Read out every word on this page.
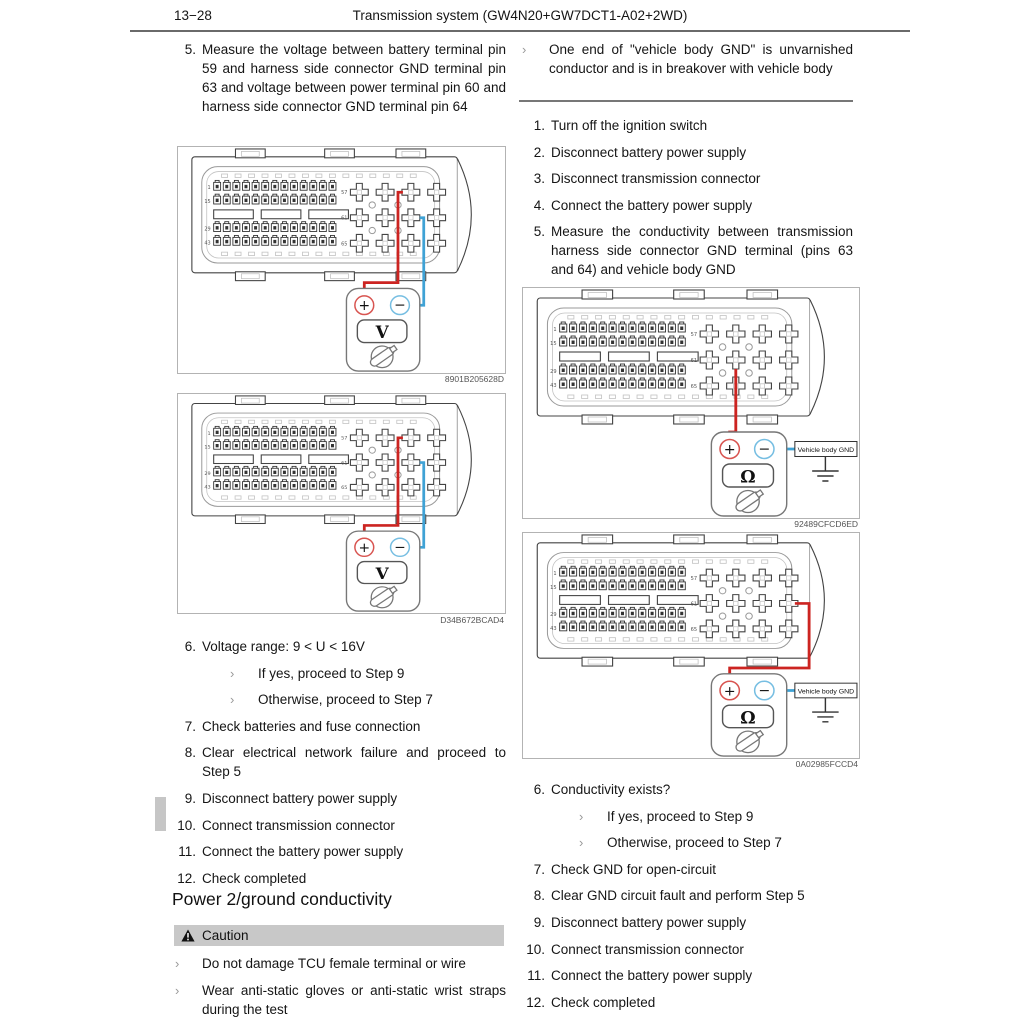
13−28	Transmission system (GW4N20+GW7DCT1-A02+2WD)
5. Measure the voltage between battery terminal pin 59 and harness side connector GND terminal pin 63 and voltage between power terminal pin 60 and harness side connector GND terminal pin 64
1
15
29
43
57
61
65
+ −
V
8901B205628D
1
15
29
43
57
61
65
+ −
V
D34B672BCAD4
6. Voltage range: 9 < U < 16V
›	If yes, proceed to Step 9
›	Otherwise, proceed to Step 7
7. Check batteries and fuse connection
8. Clear electrical network failure and proceed to Step 5
9. Disconnect battery power supply
10. Connect transmission connector
11. Connect the battery power supply
12. Check completed
Power 2/ground conductivity
Caution
›	Do not damage TCU female terminal or wire
›	Wear anti-static gloves or anti-static wrist straps during the test
›	One end of "vehicle body GND" is unvarnished conductor and is in breakover with vehicle body
1. Turn off the ignition switch
2. Disconnect battery power supply
3. Disconnect transmission connector
4. Connect the battery power supply
5. Measure the conductivity between transmission harness side connector GND terminal (pins 63 and 64) and vehicle body GND
1
15
29
43
57
61
65
+ −
Ω
Vehicle body GND
92489CFCD6ED
1
15
29
43
57
61
65
+ −
Ω
Vehicle body GND
0A02985FCCD4
6. Conductivity exists?
›	If yes, proceed to Step 9
›	Otherwise, proceed to Step 7
7. Check GND for open-circuit
8. Clear GND circuit fault and perform Step 5
9. Disconnect battery power supply
10. Connect transmission connector
11. Connect the battery power supply
12. Check completed
